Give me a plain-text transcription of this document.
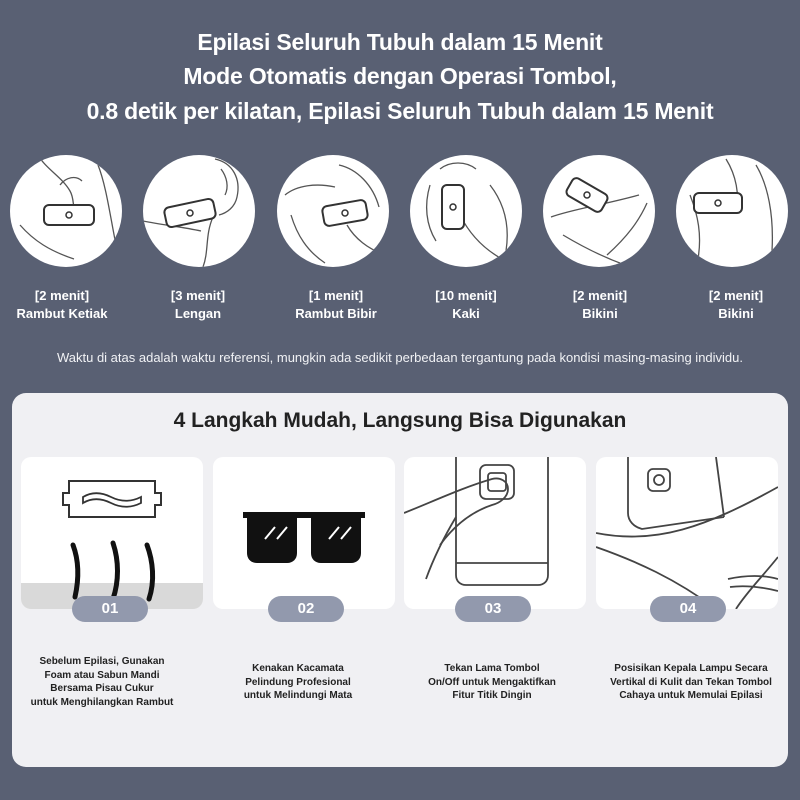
Epilasi Seluruh Tubuh dalam 15 Menit
Mode Otomatis dengan Operasi Tombol,
0.8 detik per kilatan, Epilasi Seluruh Tubuh dalam 15 Menit
[2 menit]
Rambut Ketiak
[3 menit]
Lengan
[1 menit]
Rambut Bibir
[10 menit]
Kaki
[2 menit]
Bikini
[2 menit]
Bikini
Waktu di atas adalah waktu referensi, mungkin ada sedikit perbedaan tergantung pada kondisi masing-masing individu.
4 Langkah Mudah, Langsung Bisa Digunakan
01	02	03	04
Sebelum Epilasi, Gunakan
Foam atau Sabun Mandi
Bersama Pisau Cukur
untuk Menghilangkan Rambut
Kenakan Kacamata
Pelindung Profesional
untuk Melindungi Mata
Tekan Lama Tombol
On/Off untuk Mengaktifkan
Fitur Titik Dingin
Posisikan Kepala Lampu Secara
Vertikal di Kulit dan Tekan Tombol
Cahaya untuk Memulai Epilasi
